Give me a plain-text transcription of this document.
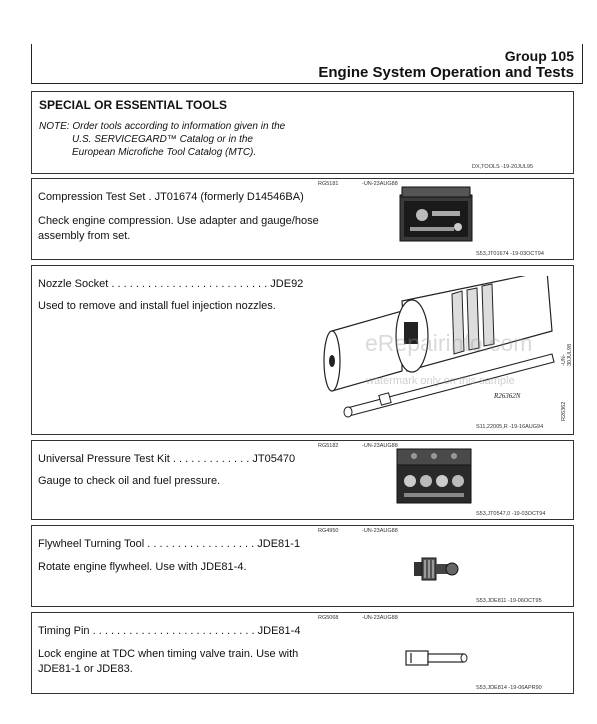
Group 105
Engine System Operation and Tests
SPECIAL OR ESSENTIAL TOOLS
NOTE: Order tools according to information given in the
U.S. SERVICEGARD™ Catalog or in the
European Microfiche Tool Catalog (MTC).
DX,TOOLS -19-20JUL95
Compression Test Set . JT01674 (formerly D14546BA)
Check engine compression. Use adapter and gauge/hose
assembly from set.
RG5181	-UN-23AUG88
S53,JT01674 -19-03OCT94
Nozzle Socket . . . . . . . . . . . . . . . . . . . . . . . . . . JDE92
Used to remove and install fuel injection nozzles.
R26362N
-UN-30JUL98
R26362
S11,22005,R -19-16AUG94
eRepairinfo.com
watermark only on this sample
Universal Pressure Test Kit . . . . . . . . . . . . . JT05470
Gauge to check oil and fuel pressure.
RG5182	-UN-23AUG88
S53,JT0547,0 -19-03OCT94
Flywheel Turning Tool . . . . . . . . . . . . . . . . . . JDE81-1
Rotate engine flywheel. Use with JDE81-4.
RG4950	-UN-23AUG88
S53,JDE811 -19-06OCT95
Timing Pin . . . . . . . . . . . . . . . . . . . . . . . . . . . JDE81-4
Lock engine at TDC when timing valve train. Use with
JDE81-1 or JDE83.
RG5068	-UN-23AUG88
S53,JDE814 -19-06APR90
